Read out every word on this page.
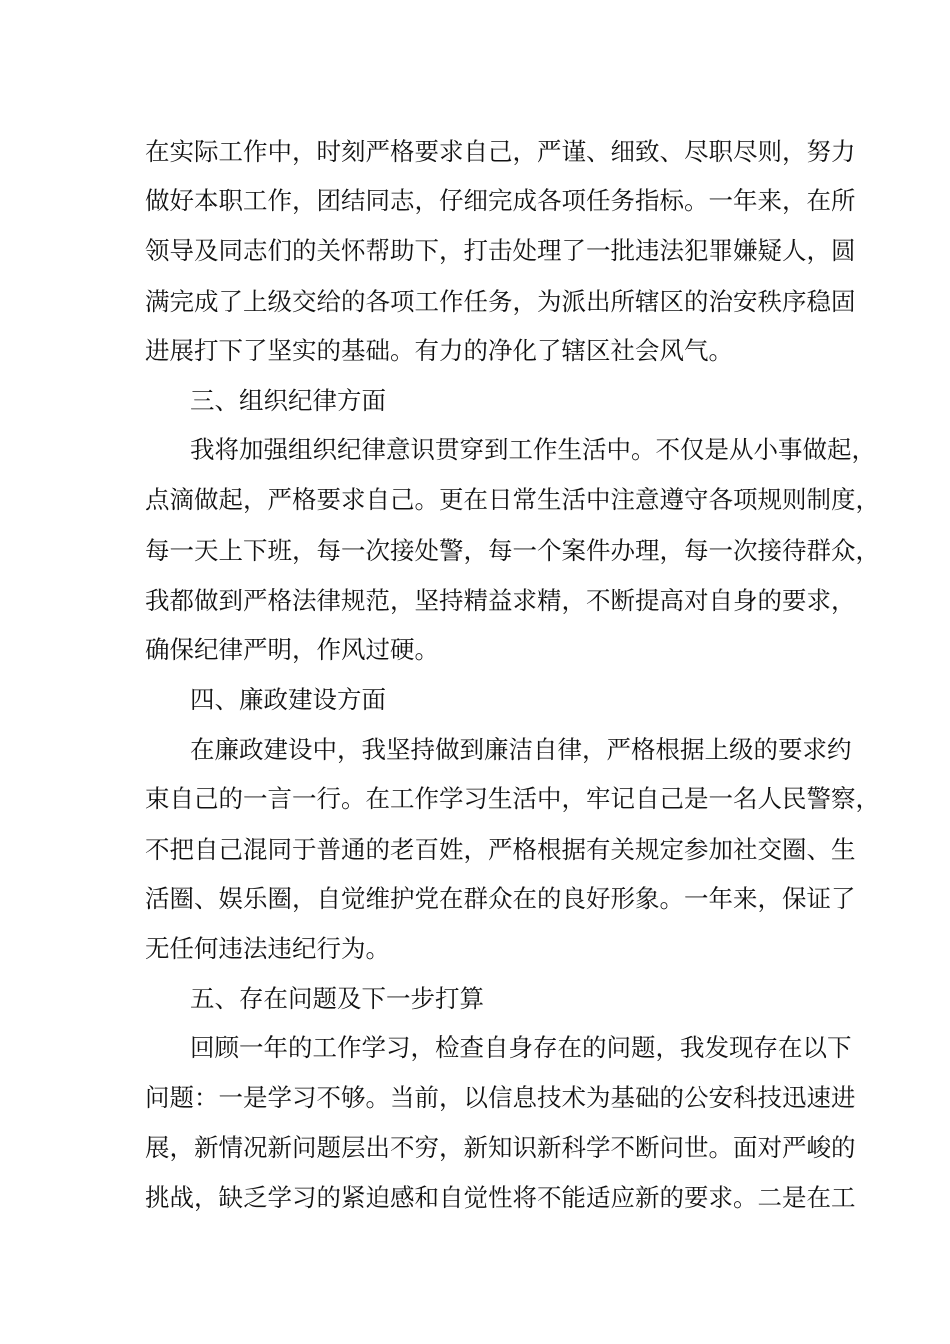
在实际工作中，时刻严格要求自己，严谨、细致、尽职尽则，努力
做好本职工作，团结同志，仔细完成各项任务指标。一年来，在所
领导及同志们的关怀帮助下，打击处理了一批违法犯罪嫌疑人，圆
满完成了上级交给的各项工作任务，为派出所辖区的治安秩序稳固
进展打下了坚实的基础。有力的净化了辖区社会风气。
三、组织纪律方面
我将加强组织纪律意识贯穿到工作生活中。不仅是从小事做起，
点滴做起，严格要求自己。更在日常生活中注意遵守各项规则制度，
每一天上下班，每一次接处警，每一个案件办理，每一次接待群众，
我都做到严格法律规范，坚持精益求精，不断提高对自身的要求，
确保纪律严明，作风过硬。
四、廉政建设方面
在廉政建设中，我坚持做到廉洁自律，严格根据上级的要求约
束自己的一言一行。在工作学习生活中，牢记自己是一名人民警察，
不把自己混同于普通的老百姓，严格根据有关规定参加社交圈、生
活圈、娱乐圈，自觉维护党在群众在的良好形象。一年来，保证了
无任何违法违纪行为。
五、存在问题及下一步打算
回顾一年的工作学习，检查自身存在的问题，我发现存在以下
问题：一是学习不够。当前，以信息技术为基础的公安科技迅速进
展，新情况新问题层出不穷，新知识新科学不断问世。面对严峻的
挑战，缺乏学习的紧迫感和自觉性将不能适应新的要求。二是在工
